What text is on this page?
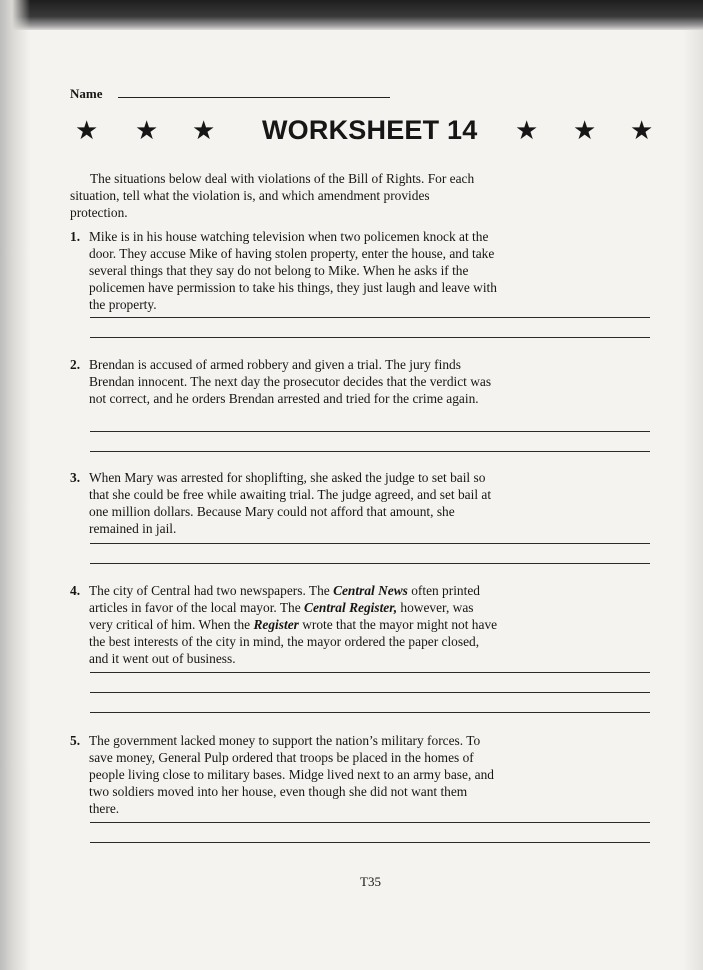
Name
★ ★ ★ WORKSHEET 14 ★ ★ ★
The situations below deal with violations of the Bill of Rights. For each situation, tell what the violation is, and which amendment provides protection.
1. Mike is in his house watching television when two policemen knock at the door. They accuse Mike of having stolen property, enter the house, and take several things that they say do not belong to Mike. When he asks if the policemen have permission to take his things, they just laugh and leave with the property.
2. Brendan is accused of armed robbery and given a trial. The jury finds Brendan innocent. The next day the prosecutor decides that the verdict was not correct, and he orders Brendan arrested and tried for the crime again.
3. When Mary was arrested for shoplifting, she asked the judge to set bail so that she could be free while awaiting trial. The judge agreed, and set bail at one million dollars. Because Mary could not afford that amount, she remained in jail.
4. The city of Central had two newspapers. The Central News often printed articles in favor of the local mayor. The Central Register, however, was very critical of him. When the Register wrote that the mayor might not have the best interests of the city in mind, the mayor ordered the paper closed, and it went out of business.
5. The government lacked money to support the nation’s military forces. To save money, General Pulp ordered that troops be placed in the homes of people living close to military bases. Midge lived next to an army base, and two soldiers moved into her house, even though she did not want them there.
T35
